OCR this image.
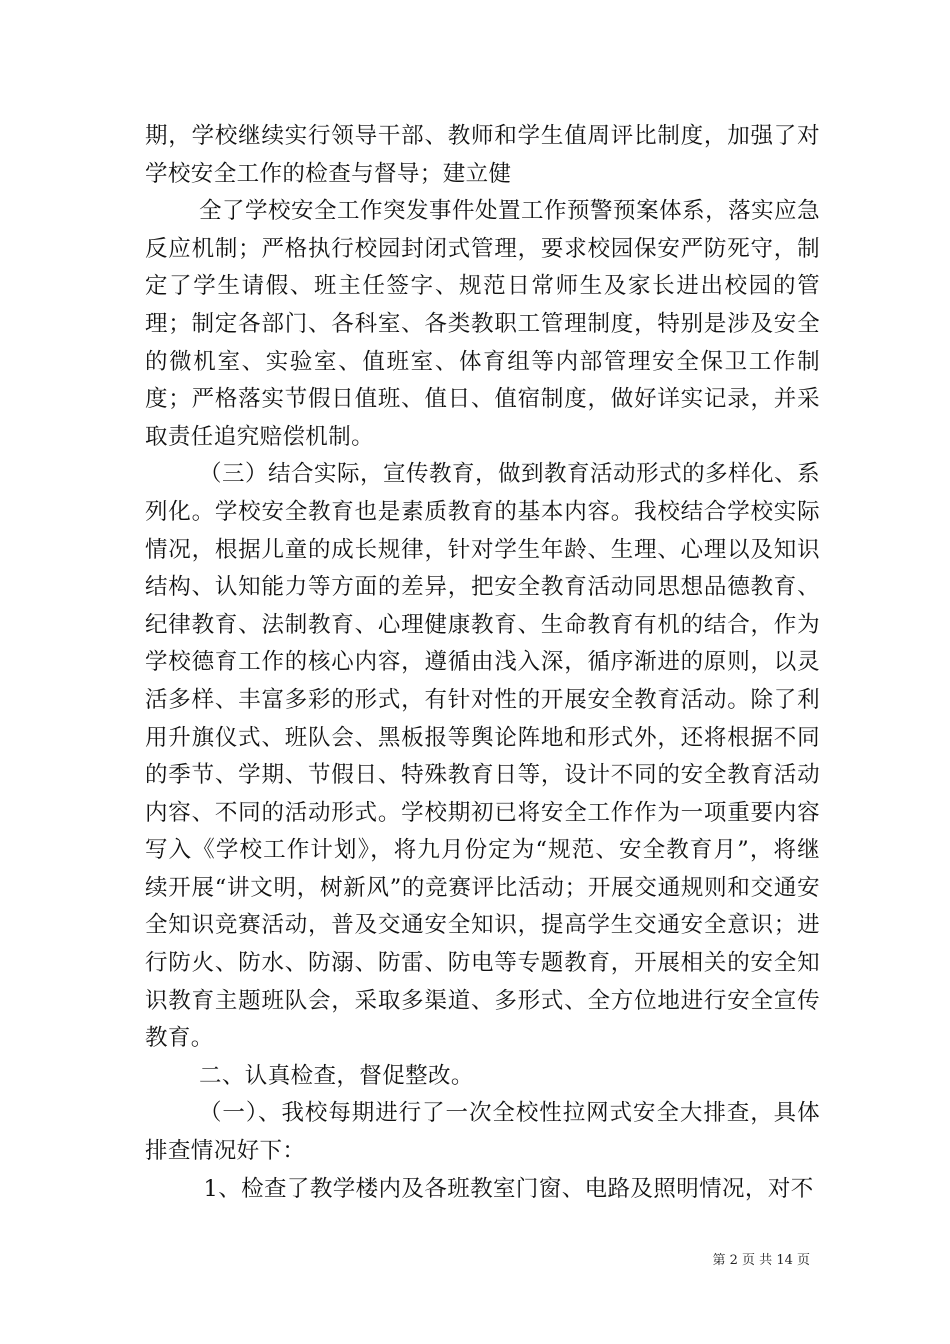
期，学校继续实行领导干部、教师和学生值周评比制度，加强了对学校安全工作的检查与督导；建立健

全了学校安全工作突发事件处置工作预警预案体系，落实应急反应机制；严格执行校园封闭式管理，要求校园保安严防死守，制定了学生请假、班主任签字、规范日常师生及家长进出校园的管理；制定各部门、各科室、各类教职工管理制度，特别是涉及安全的微机室、实验室、值班室、体育组等内部管理安全保卫工作制度；严格落实节假日值班、值日、值宿制度，做好详实记录，并采取责任追究赔偿机制。

（三）结合实际，宣传教育，做到教育活动形式的多样化、系列化。学校安全教育也是素质教育的基本内容。我校结合学校实际情况，根据儿童的成长规律，针对学生年龄、生理、心理以及知识结构、认知能力等方面的差异，把安全教育活动同思想品德教育、纪律教育、法制教育、心理健康教育、生命教育有机的结合，作为学校德育工作的核心内容，遵循由浅入深，循序渐进的原则，以灵活多样、丰富多彩的形式，有针对性的开展安全教育活动。除了利用升旗仪式、班队会、黑板报等舆论阵地和形式外，还将根据不同的季节、学期、节假日、特殊教育日等，设计不同的安全教育活动内容、不同的活动形式。学校期初已将安全工作作为一项重要内容写入《学校工作计划》，将九月份定为“规范、安全教育月”，将继续开展“讲文明，树新风”的竞赛评比活动；开展交通规则和交通安全知识竞赛活动，普及交通安全知识，提高学生交通安全意识；进行防火、防水、防溺、防雷、防电等专题教育，开展相关的安全知识教育主题班队会，采取多渠道、多形式、全方位地进行安全宣传教育。

二、认真检查，督促整改。

（一）、我校每期进行了一次全校性拉网式安全大排查，具体排查情况好下：

1、检查了教学楼内及各班教室门窗、电路及照明情况，对不

第 2 页 共 14 页
